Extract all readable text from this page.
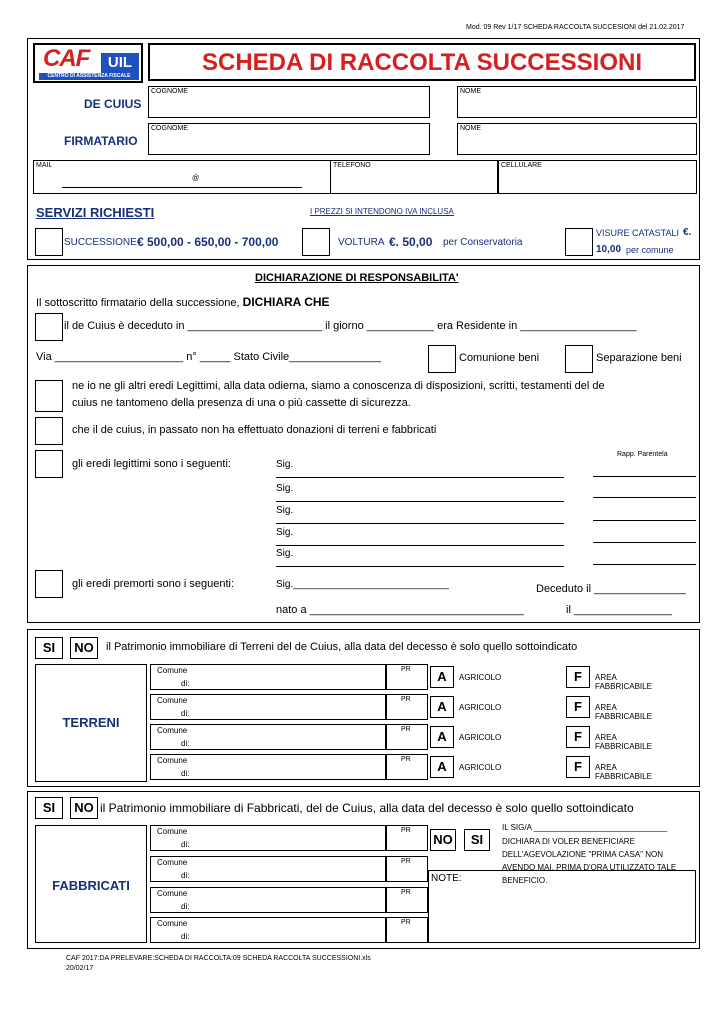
Mod. 09 Rev 1/17 SCHEDA RACCOLTA SUCCESIONI del 21.02.2017
CAF	UIL
CENTRO DI ASSISTENZA FISCALE	SCHEDA DI RACCOLTA SUCCESSIONI
DE CUIUS
COGNOME	NOME
FIRMATARIO
COGNOME	NOME
MAIL
@
TELEFONO	CELLULARE
SERVIZI RICHIESTI	I PREZZI SI INTENDONO IVA INCLUSA
SUCCESSIONE € 500,00 - 650,00 - 700,00	VOLTURA €. 50,00 per Conservatoria
VISURE CATASTALI €.
10,00 per comune
DICHIARAZIONE DI RESPONSABILITA'
Il sottoscritto firmatario della successione, DICHIARA CHE
il de Cuius è deceduto in ______________________ il giorno ___________ era Residente in ___________________
Via _____________________ n° _____ Stato Civile_______________	Comunione beni	Separazione beni
ne io ne gli altri eredi Legittimi, alla data odierna, siamo a conoscenza di disposizioni, scritti, testamenti del de
cuius ne tantomeno della presenza di una o più cassette di sicurezza.
che il de cuius, in passato non ha effettuato donazioni di terreni e fabbricati
gli eredi legittimi sono i seguenti:
Rapp. Parentela
Sig.
Sig.
Sig.
Sig.
Sig.
gli eredi premorti sono i seguenti:	Sig.____________________________	Deceduto il _______________
nato a ___________________________________	il ________________
SI	NO	il Patrimonio immobiliare di Terreni del de Cuius, alla data del decesso è solo quello sottoindicato
TERRENI
Comune
di:
PR	A	AGRICOLO	F	AREA FABBRICABILE
Comune
di:
PR	A	AGRICOLO	F	AREA FABBRICABILE
Comune
di:
PR	A	AGRICOLO	F	AREA FABBRICABILE
Comune
di:
PR	A	AGRICOLO	F	AREA FABBRICABILE
SI	NO il Patrimonio immobiliare di Fabbricati, del de Cuius, alla data del decesso è solo quello sottoindicato
FABBRICATI
Comune
di:
PR
Comune
di:
PR
Comune
di:
PR
Comune
di:
PR
NO	SI
IL SIG/A ______________________________
DICHIARA DI VOLER BENEFICIARE
DELL'AGEVOLAZIONE "PRIMA CASA" NON
AVENDO MAI, PRIMA D'ORA UTILIZZATO TALE
BENEFICIO.
NOTE:
CAF 2017:DA PRELEVARE:SCHEDA DI RACCOLTA:09 SCHEDA RACCOLTA SUCCESSIONI.xls
20/02/17
